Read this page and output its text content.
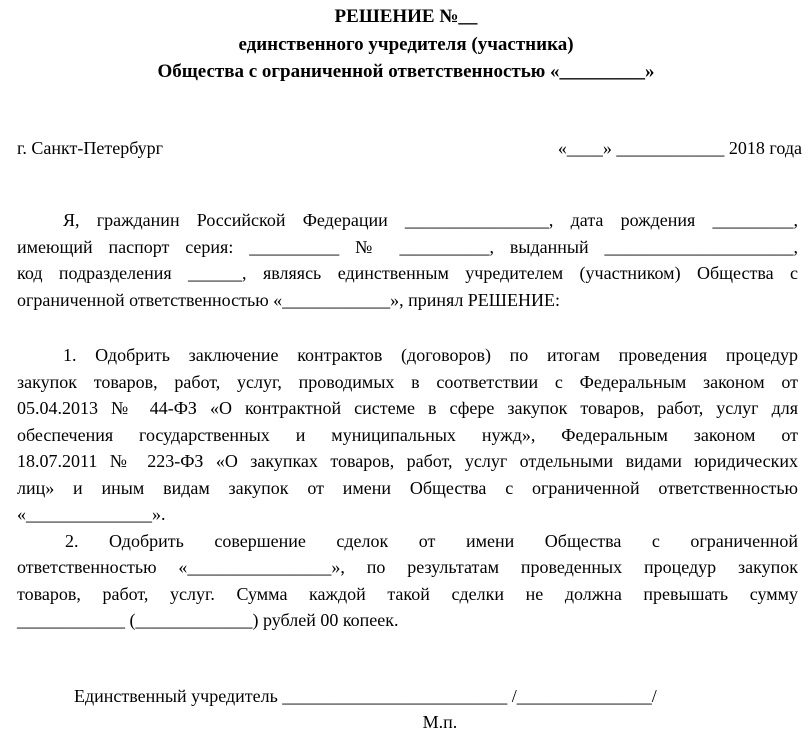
РЕШЕНИЕ №__
единственного учредителя (участника)
Общества с ограниченной ответственностью «_________»
г. Санкт-Петербург	«____» ____________ 2018 года

Я, гражданин Российской Федерации ________________, дата рождения _________,

имеющий паспорт серия: __________ № __________, выданный _____________________,

код подразделения ______, являясь единственным учредителем (участником) Общества с

ограниченной ответственностью «____________», принял РЕШЕНИЕ:

1. Одобрить заключение контрактов (договоров) по итогам проведения процедур

закупок товаров, работ, услуг, проводимых в соответствии с Федеральным законом от

05.04.2013 № 44-ФЗ «О контрактной системе в сфере закупок товаров, работ, услуг для

обеспечения государственных и муниципальных нужд», Федеральным законом от

18.07.2011 № 223-ФЗ «О закупках товаров, работ, услуг отдельными видами юридических

лиц» и иным видам закупок от имени Общества с ограниченной ответственностью

«______________».

2. Одобрить совершение сделок от имени Общества с ограниченной

ответственностью «________________», по результатам проведенных процедур закупок

товаров, работ, услуг. Сумма каждой такой сделки не должна превышать сумму

____________ (_____________) рублей 00 копеек.

Единственный учредитель _________________________ /_______________/
М.п.
